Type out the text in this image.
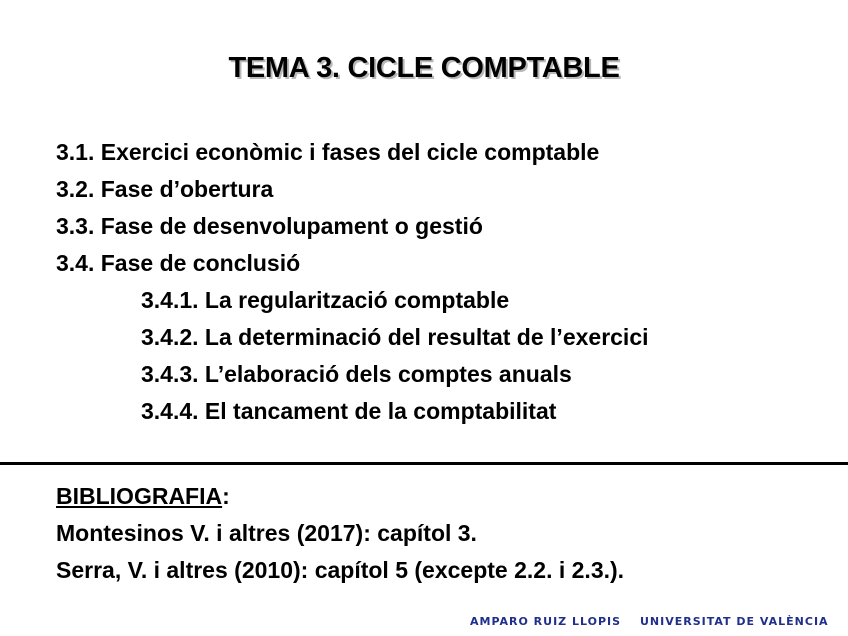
TEMA 3. CICLE COMPTABLE
3.1. Exercici econòmic i fases del cicle comptable
3.2. Fase d’obertura
3.3. Fase de desenvolupament o gestió
3.4. Fase de conclusió
3.4.1. La regularització comptable
3.4.2. La determinació del resultat de l’exercici
3.4.3. L’elaboració dels comptes anuals
3.4.4. El tancament de la comptabilitat
BIBLIOGRAFIA:
Montesinos V. i altres (2017): capítol 3.
Serra, V. i altres (2010): capítol 5 (excepte 2.2. i 2.3.).
AMPARO RUIZ LLOPIS UNIVERSITAT DE VALÈNCIA
